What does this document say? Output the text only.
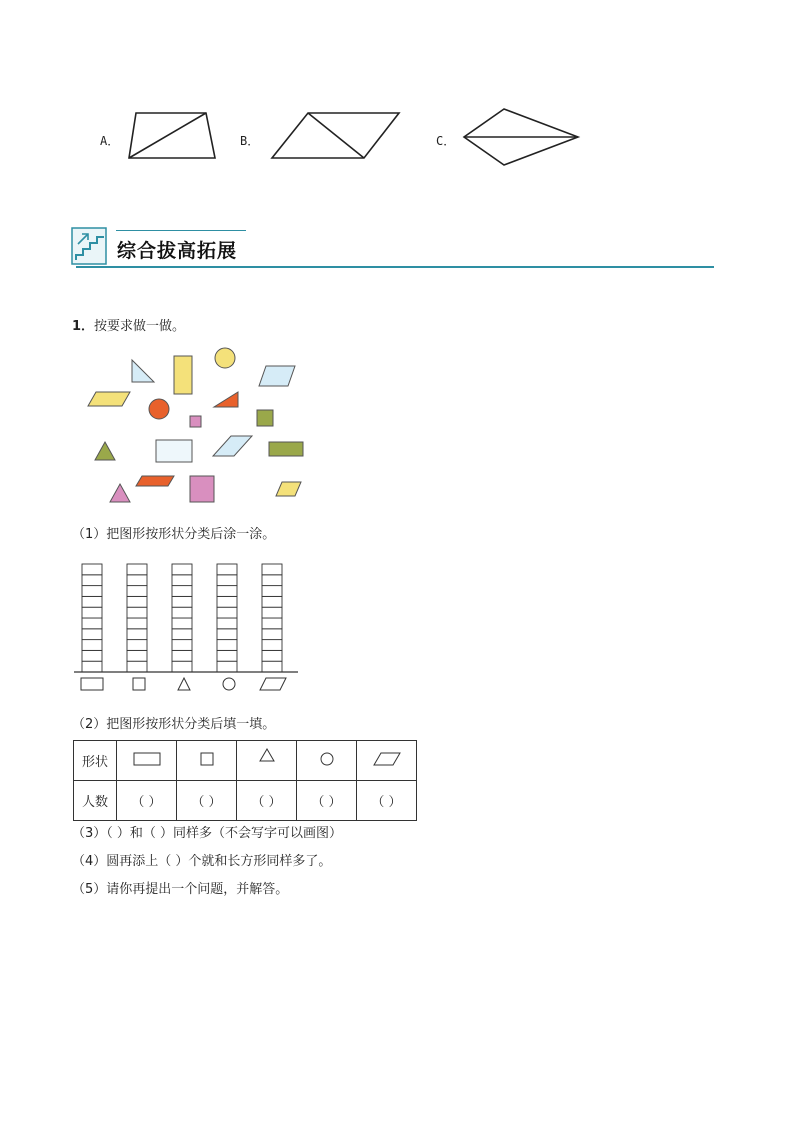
A．	B．	C．
综合拔高拓展
1．按要求做一做。
（1）把图形按形状分类后涂一涂。
（2）把图形按形状分类后填一填。
形状					
人数	（ ）	（ ）	（ ）	（ ）	（ ）
（3）（ ）和（ ）同样多（不会写字可以画图）
（4）圆再添上（ ）个就和长方形同样多了。
（5）请你再提出一个问题，并解答。
